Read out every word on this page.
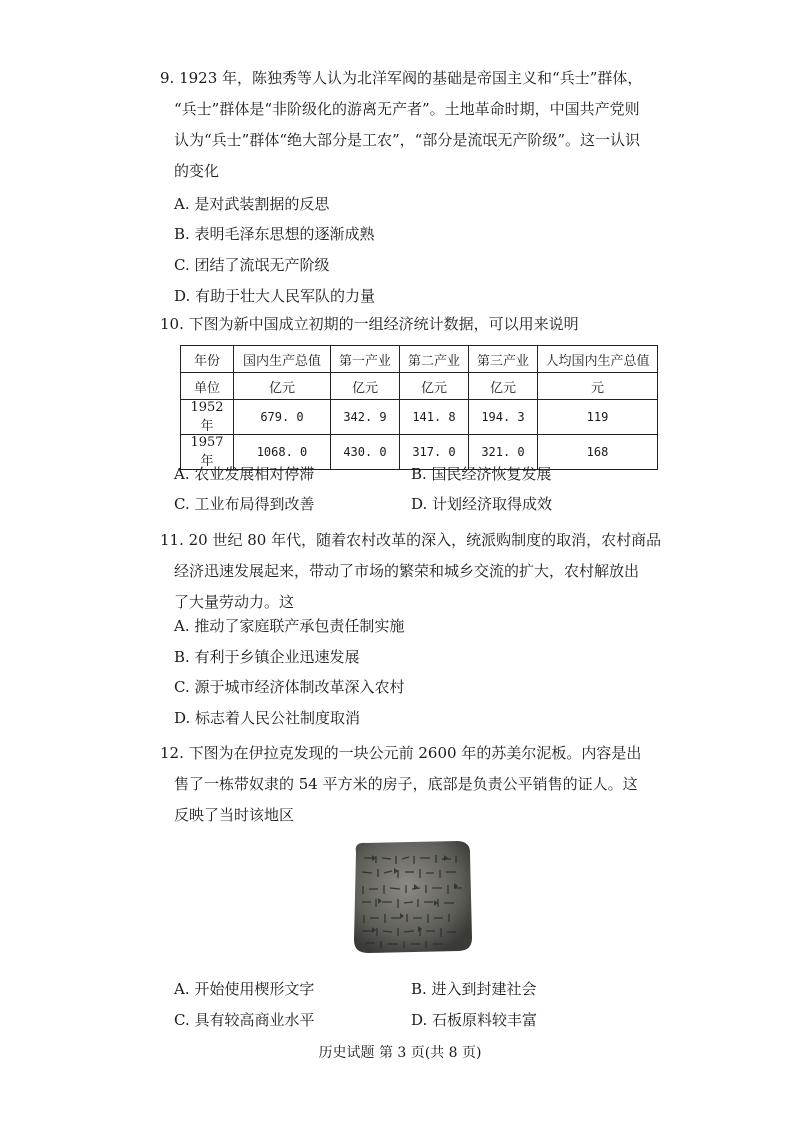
9. 1923 年，陈独秀等人认为北洋军阀的基础是帝国主义和“兵士”群体，
“兵士”群体是“非阶级化的游离无产者”。土地革命时期，中国共产党则
认为“兵士”群体“绝大部分是工农”，“部分是流氓无产阶级”。这一认识
的变化
A. 是对武装割据的反思
B. 表明毛泽东思想的逐渐成熟
C. 团结了流氓无产阶级
D. 有助于壮大人民军队的力量
10. 下图为新中国成立初期的一组经济统计数据，可以用来说明
年份	国内生产总值	第一产业	第二产业	第三产业	人均国内生产总值
单位	亿元	亿元	亿元	亿元	元
1952 年	679. 0	342. 9	141. 8	194. 3	119
1957 年	1068. 0	430. 0	317. 0	321. 0	168
A. 农业发展相对停滞	B. 国民经济恢复发展
C. 工业布局得到改善	D. 计划经济取得成效
11. 20 世纪 80 年代，随着农村改革的深入，统派购制度的取消，农村商品
经济迅速发展起来，带动了市场的繁荣和城乡交流的扩大，农村解放出
了大量劳动力。这
A. 推动了家庭联产承包责任制实施
B. 有利于乡镇企业迅速发展
C. 源于城市经济体制改革深入农村
D. 标志着人民公社制度取消
12. 下图为在伊拉克发现的一块公元前 2600 年的苏美尔泥板。内容是出
售了一栋带奴隶的 54 平方米的房子，底部是负责公平销售的证人。这
反映了当时该地区
A. 开始使用楔形文字	B. 进入到封建社会
C. 具有较高商业水平	D. 石板原料较丰富
历史试题 第 3 页(共 8 页)
